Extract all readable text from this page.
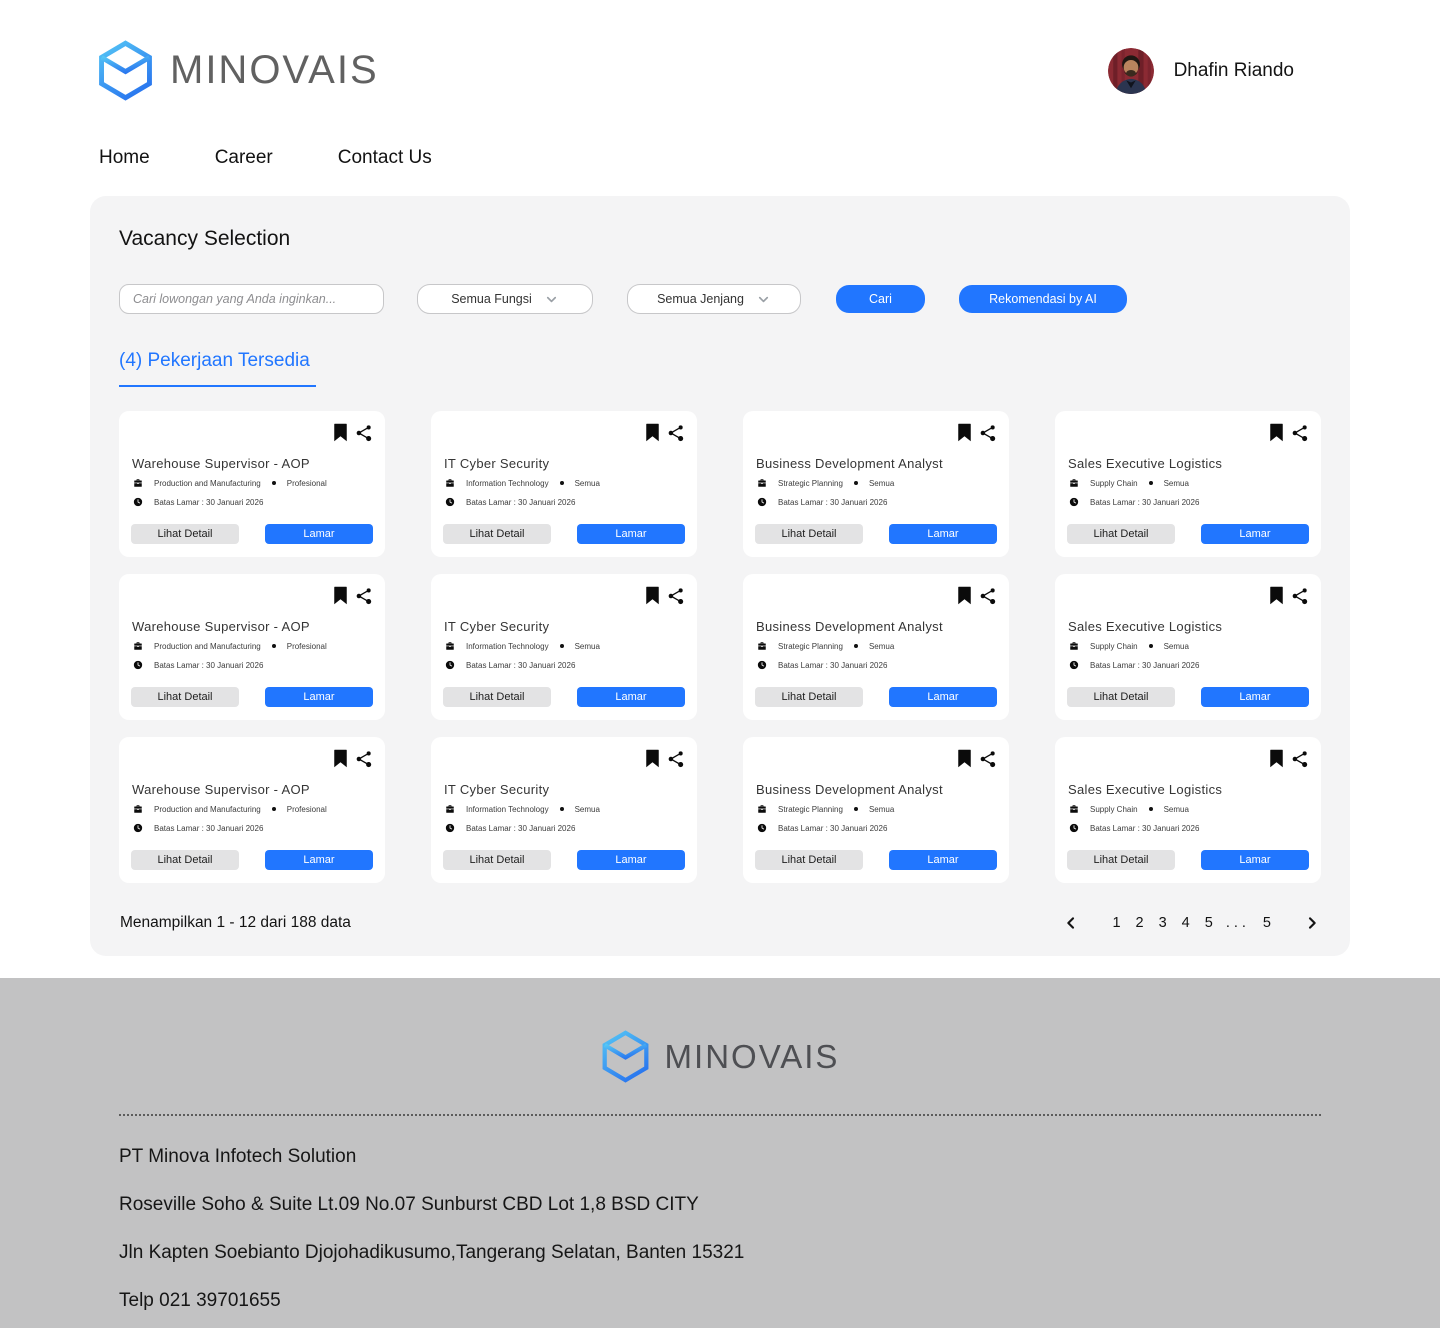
MINOVAIS	Dhafin Riando
Home	Career	Contact Us
Vacancy Selection
Cari lowongan yang Anda inginkan...
Semua Fungsi	Semua Jenjang	Cari	Rekomendasi by AI
(4) Pekerjaan Tersedia
Warehouse Supervisor - AOP
Production and Manufacturing	Profesional
Batas Lamar : 30 Januari 2026
Lihat Detail	Lamar
IT Cyber Security
Information Technology	Semua
Batas Lamar : 30 Januari 2026
Lihat Detail	Lamar
Business Development Analyst
Strategic Planning	Semua
Batas Lamar : 30 Januari 2026
Lihat Detail	Lamar
Sales Executive Logistics
Supply Chain	Semua
Batas Lamar : 30 Januari 2026
Lihat Detail	Lamar
Warehouse Supervisor - AOP
Production and Manufacturing	Profesional
Batas Lamar : 30 Januari 2026
Lihat Detail	Lamar
IT Cyber Security
Information Technology	Semua
Batas Lamar : 30 Januari 2026
Lihat Detail	Lamar
Business Development Analyst
Strategic Planning	Semua
Batas Lamar : 30 Januari 2026
Lihat Detail	Lamar
Sales Executive Logistics
Supply Chain	Semua
Batas Lamar : 30 Januari 2026
Lihat Detail	Lamar
Warehouse Supervisor - AOP
Production and Manufacturing	Profesional
Batas Lamar : 30 Januari 2026
Lihat Detail	Lamar
IT Cyber Security
Information Technology	Semua
Batas Lamar : 30 Januari 2026
Lihat Detail	Lamar
Business Development Analyst
Strategic Planning	Semua
Batas Lamar : 30 Januari 2026
Lihat Detail	Lamar
Sales Executive Logistics
Supply Chain	Semua
Batas Lamar : 30 Januari 2026
Lihat Detail	Lamar
Menampilkan 1 - 12 dari 188 data	1 2 3 4 5 ... 5
MINOVAIS

PT Minova Infotech Solution

Roseville Soho & Suite Lt.09 No.07 Sunburst CBD Lot 1,8 BSD CITY

Jln Kapten Soebianto Djojohadikusumo,Tangerang Selatan, Banten 15321

Telp 021 39701655
